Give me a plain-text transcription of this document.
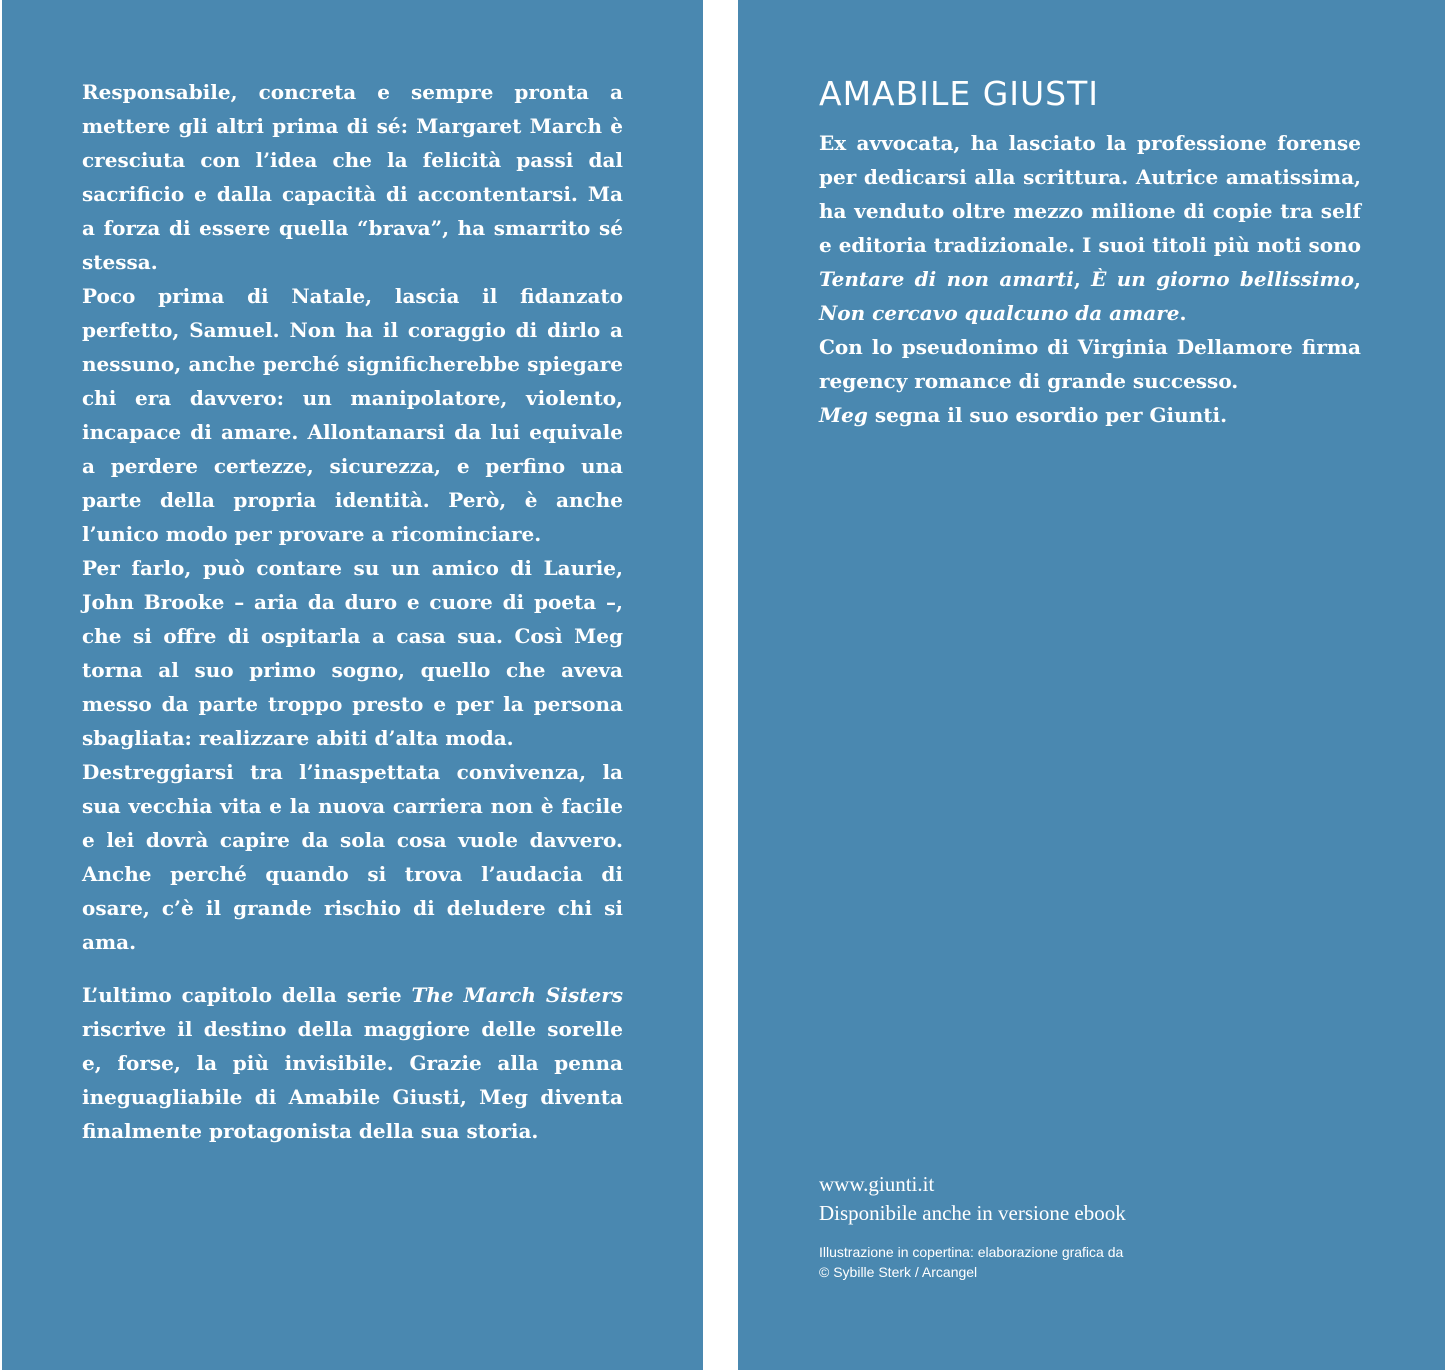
Responsabile, concreta e sempre pronta a mettere gli altri prima di sé: Margaret March è cresciuta con l’idea che la felicità passi dal sacrificio e dalla capacità di accontentarsi. Ma a forza di essere quella “brava”, ha smarrito sé stessa.

Poco prima di Natale, lascia il fidanzato perfetto, Samuel. Non ha il coraggio di dirlo a nessuno, anche perché significherebbe spiegare chi era davvero: un manipolatore, violento, incapace di amare. Allontanarsi da lui equivale a perdere certezze, sicurezza, e perfino una parte della propria identità. Però, è anche l’unico modo per provare a ricominciare.

Per farlo, può contare su un amico di Laurie, John Brooke – aria da duro e cuore di poeta –, che si offre di ospitarla a casa sua. Così Meg torna al suo primo sogno, quello che aveva messo da parte troppo presto e per la persona sbagliata: realizzare abiti d’alta moda.

Destreggiarsi tra l’inaspettata convivenza, la sua vecchia vita e la nuova carriera non è facile e lei dovrà capire da sola cosa vuole davvero. Anche perché quando si trova l’audacia di osare, c’è il grande rischio di deludere chi si ama.

L’ultimo capitolo della serie The March Sisters riscrive il destino della maggiore delle sorelle e, forse, la più invisibile. Grazie alla penna ineguagliabile di Amabile Giusti, Meg diventa finalmente protagonista della sua storia.

AMABILE GIUSTI

Ex avvocata, ha lasciato la professione forense per dedicarsi alla scrittura. Autrice amatissima, ha venduto oltre mezzo milione di copie tra self e editoria tradizionale. I suoi titoli più noti sono Tentare di non amarti, È un giorno bellissimo, Non cercavo qualcuno da amare.

Con lo pseudonimo di Virginia Dellamore firma regency romance di grande successo.

Meg segna il suo esordio per Giunti.

www.giunti.it
Disponibile anche in versione ebook
Illustrazione in copertina: elaborazione grafica da
© Sybille Sterk / Arcangel
